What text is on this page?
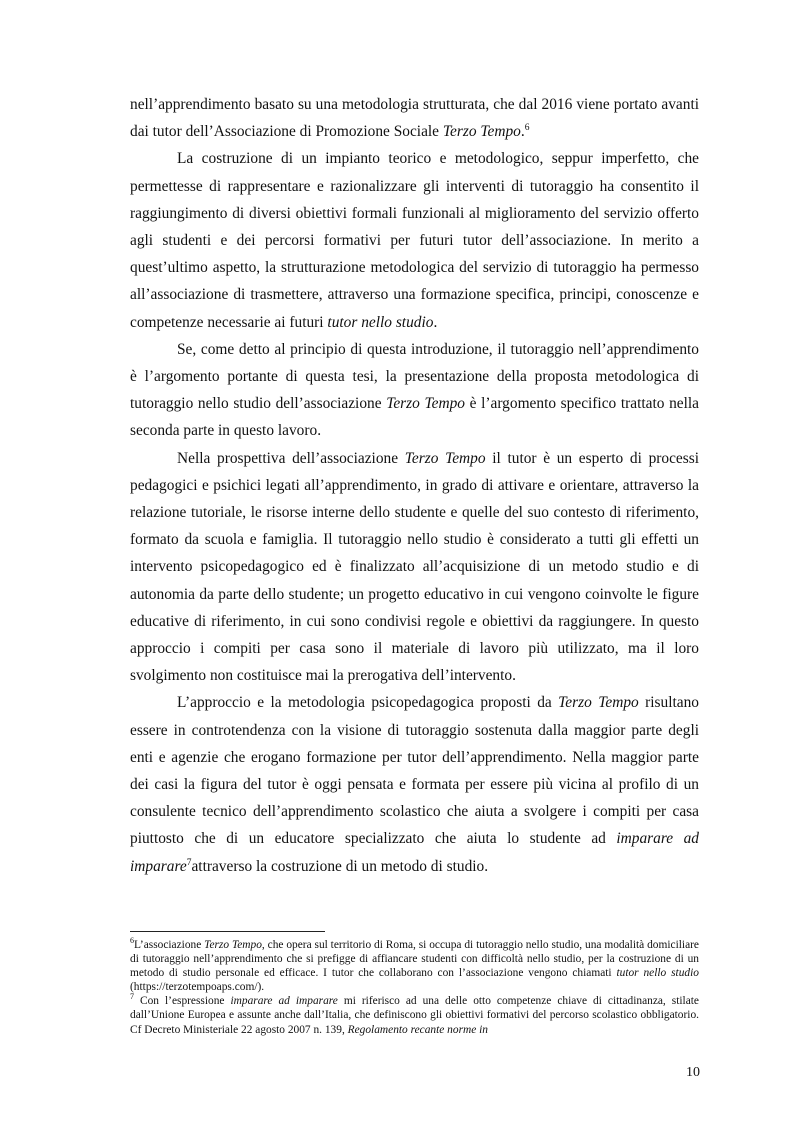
nell’apprendimento basato su una metodologia strutturata, che dal 2016 viene portato avanti dai tutor dell’Associazione di Promozione Sociale Terzo Tempo.$^6$

La costruzione di un impianto teorico e metodologico, seppur imperfetto, che permettesse di rappresentare e razionalizzare gli interventi di tutoraggio ha consentito il raggiungimento di diversi obiettivi formali funzionali al miglioramento del servizio offerto agli studenti e dei percorsi formativi per futuri tutor dell’associazione. In merito a quest’ultimo aspetto, la strutturazione metodologica del servizio di tutoraggio ha permesso all’associazione di trasmettere, attraverso una formazione specifica, principi, conoscenze e competenze necessarie ai futuri tutor nello studio.

Se, come detto al principio di questa introduzione, il tutoraggio nell’apprendimento è l’argomento portante di questa tesi, la presentazione della proposta metodologica di tutoraggio nello studio dell’associazione Terzo Tempo è l’argomento specifico trattato nella seconda parte in questo lavoro.

Nella prospettiva dell’associazione Terzo Tempo il tutor è un esperto di processi pedagogici e psichici legati all’apprendimento, in grado di attivare e orientare, attraverso la relazione tutoriale, le risorse interne dello studente e quelle del suo contesto di riferimento, formato da scuola e famiglia. Il tutoraggio nello studio è considerato a tutti gli effetti un intervento psicopedagogico ed è finalizzato all’acquisizione di un metodo studio e di autonomia da parte dello studente; un progetto educativo in cui vengono coinvolte le figure educative di riferimento, in cui sono condivisi regole e obiettivi da raggiungere. In questo approccio i compiti per casa sono il materiale di lavoro più utilizzato, ma il loro svolgimento non costituisce mai la prerogativa dell’intervento.

L’approccio e la metodologia psicopedagogica proposti da Terzo Tempo risultano essere in controtendenza con la visione di tutoraggio sostenuta dalla maggior parte degli enti e agenzie che erogano formazione per tutor dell’apprendimento. Nella maggior parte dei casi la figura del tutor è oggi pensata e formata per essere più vicina al profilo di un consulente tecnico dell’apprendimento scolastico che aiuta a svolgere i compiti per casa piuttosto che di un educatore specializzato che aiuta lo studente ad imparare ad imparare$^7$attraverso la costruzione di un metodo di studio.

$^6$L’associazione Terzo Tempo, che opera sul territorio di Roma, si occupa di tutoraggio nello studio, una modalità domiciliare di tutoraggio nell’apprendimento che si prefigge di affiancare studenti con difficoltà nello studio, per la costruzione di un metodo di studio personale ed efficace. I tutor che collaborano con l’associazione vengono chiamati tutor nello studio (https://terzotempoaps.com/).

$^7$ Con l’espressione imparare ad imparare mi riferisco ad una delle otto competenze chiave di cittadinanza, stilate dall’Unione Europea e assunte anche dall’Italia, che definiscono gli obiettivi formativi del percorso scolastico obbligatorio. Cf Decreto Ministeriale 22 agosto 2007 n. 139, Regolamento recante norme in

10
